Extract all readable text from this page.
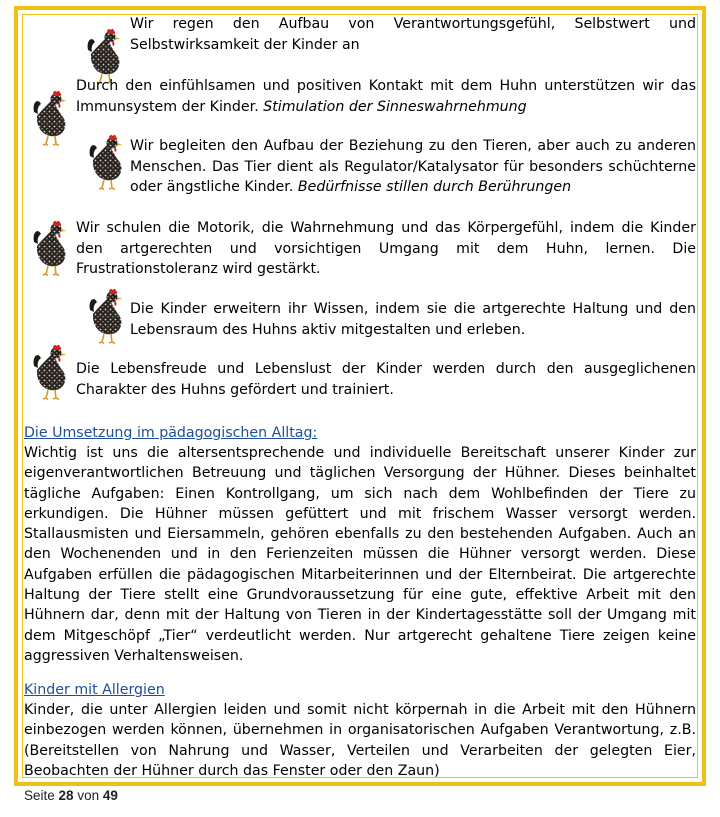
Wir regen den Aufbau von Verantwortungsgefühl, Selbstwert und Selbstwirksamkeit der Kinder an
Durch den einfühlsamen und positiven Kontakt mit dem Huhn unterstützen wir das Immunsystem der Kinder. Stimulation der Sinneswahrnehmung
Wir begleiten den Aufbau der Beziehung zu den Tieren, aber auch zu anderen Menschen. Das Tier dient als Regulator/Katalysator für besonders schüchterne oder ängstliche Kinder. Bedürfnisse stillen durch Berührungen
Wir schulen die Motorik, die Wahrnehmung und das Körpergefühl, indem die Kinder den artgerechten und vorsichtigen Umgang mit dem Huhn, lernen. Die Frustrationstoleranz wird gestärkt.
Die Kinder erweitern ihr Wissen, indem sie die artgerechte Haltung und den Lebensraum des Huhns aktiv mitgestalten und erleben.
Die Lebensfreude und Lebenslust der Kinder werden durch den ausgeglichenen Charakter des Huhns gefördert und trainiert.
Die Umsetzung im pädagogischen Alltag:
Wichtig ist uns die altersentsprechende und individuelle Bereitschaft unserer Kinder zur eigenverantwortlichen Betreuung und täglichen Versorgung der Hühner. Dieses beinhaltet tägliche Aufgaben: Einen Kontrollgang, um sich nach dem Wohlbefinden der Tiere zu erkundigen. Die Hühner müssen gefüttert und mit frischem Wasser versorgt werden. Stallausmisten und Eiersammeln, gehören ebenfalls zu den bestehenden Aufgaben. Auch an den Wochenenden und in den Ferienzeiten müssen die Hühner versorgt werden. Diese Aufgaben erfüllen die pädagogischen Mitarbeiterinnen und der Elternbeirat. Die artgerechte Haltung der Tiere stellt eine Grundvoraussetzung für eine gute, effektive Arbeit mit den Hühnern dar, denn mit der Haltung von Tieren in der Kindertagesstätte soll der Umgang mit dem Mitgeschöpf „Tier“ verdeutlicht werden. Nur artgerecht gehaltene Tiere zeigen keine aggressiven Verhaltensweisen.
Kinder mit Allergien
Kinder, die unter Allergien leiden und somit nicht körpernah in die Arbeit mit den Hühnern einbezogen werden können, übernehmen in organisatorischen Aufgaben Verantwortung, z.B. (Bereitstellen von Nahrung und Wasser, Verteilen und Verarbeiten der gelegten Eier, Beobachten der Hühner durch das Fenster oder den Zaun)
Seite 28 von 49
